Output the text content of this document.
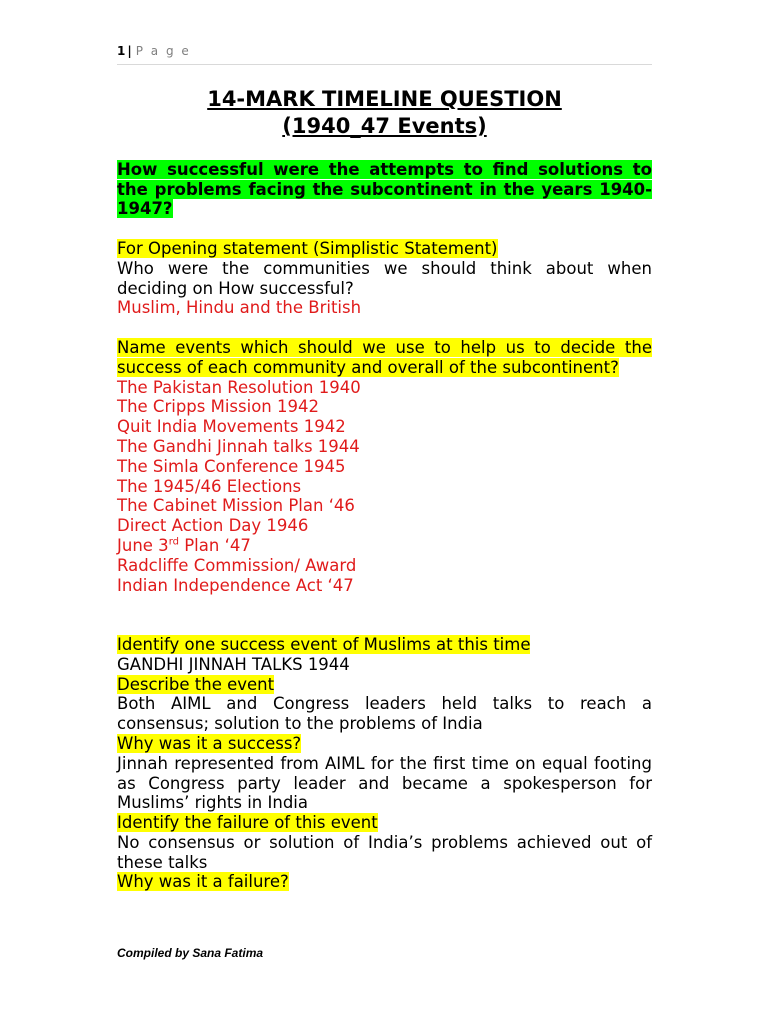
1 | P a g e
14-MARK TIMELINE QUESTION
(1940_47 Events)

How successful were the attempts to find solutions to the problems facing the subcontinent in the years 1940-1947?

For Opening statement (Simplistic Statement)

Who were the communities we should think about when deciding on How successful?

Muslim, Hindu and the British

Name events which should we use to help us to decide the success of each community and overall of the subcontinent?

The Pakistan Resolution 1940

The Cripps Mission 1942

Quit India Movements 1942

The Gandhi Jinnah talks 1944

The Simla Conference 1945

The 1945/46 Elections

The Cabinet Mission Plan ‘46

Direct Action Day 1946

June 3rd Plan ‘47

Radcliffe Commission/ Award

Indian Independence Act ‘47

Identify one success event of Muslims at this time

GANDHI JINNAH TALKS 1944

Describe the event

Both AIML and Congress leaders held talks to reach a consensus; solution to the problems of India

Why was it a success?

Jinnah represented from AIML for the first time on equal footing as Congress party leader and became a spokesperson for Muslims’ rights in India

Identify the failure of this event

No consensus or solution of India’s problems achieved out of these talks

Why was it a failure?

Compiled by Sana Fatima
